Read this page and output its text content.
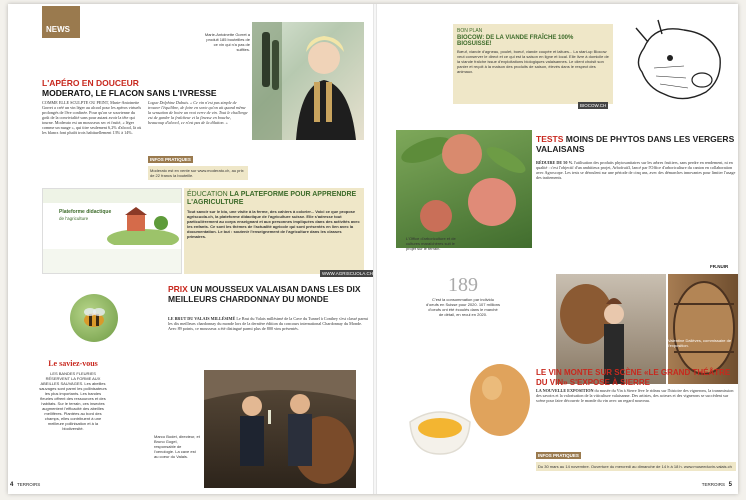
NEWS
Marie-Antoinette Gorret a produit 185 bouteilles de ce vin qui n'a pas de sulfites.
L'APÉRO EN DOUCEUR
MODERATO, LE FLACON SANS L'IVRESSE
COMME ELLE SCULPTE OU PEINT, Marie-Antoinette Gorret a créé un vin léger au alcool pour les apéros virtuels prolongés de l'ère confinée. Pour qu'on se souvienne du goût de la convivialité sans pour autant avoir la tête qui tourne. Moderato est un mousseux sec et fruité, « léger comme un nuage », qui titre seulement 6,2% d'alcool, là où les blancs font plutôt trois habituellement 13% à 14%.
Logue Delphine Dubuis. « Ce vin n'est pas simple de trouver l'équilibre, de faire en sorte qu'on ait quand même la sensation de boire un vrai verre de vin. Tout le challenge est de garder la fraîcheur et la finesse en bouche, beaucoup d'alcool, ce n'est pas de la dilution. »
INFOS PRATIQUES
Moderato est en vente sur www.moderato.ch, au prix de 22 francs la bouteille.
Plateforme didactique
de l'agriculture
ÉDUCATION LA PLATEFORME POUR APPRENDRE L'AGRICULTURE
Tout savoir sur le bio, une visite à la ferme, des cahiers à colorier... Voici ce que propose agriscuola.ch, la plateforme didactique de l'agriculture suisse. Elle s'adresse tout particulièrement au corps enseignant et aux personnes impliquées dans des activités avec les enfants. Ce sont les thèmes de l'actualité agricole qui sont présentés en lien avec la documentation. Le but : soutenir l'enseignement de l'agriculture dans les classes primaires.
WWW.AGRISCUOLA.CH
Le saviez-vous
LES BANDES FLEURIES RÉSERVENT LA FORME AUX ABEILLES SAUVAGES. Les abeilles sauvages sont parmi les pollinisateurs les plus importants. Les bandes fleuries offrent des ressources et des habitats. Sur le terrain, ces insectes augmentent l'efficacité des abeilles mellifères. Plantées au bord des champs, elles contribuent à une meilleure pollinisation et à la biodiversité.
PRIX UN MOUSSEUX VALAISAN DANS LES DIX MEILLEURS CHARDONNAY DU MONDE
LE BRUT DU VALAIS MILLÉSIMÉ Le Brut du Valais millésimé de la Cave du Tunnel à Conthey s'est classé parmi les dix meilleurs chardonnay du monde lors de la dernière édition du concours international Chardonnay du Monde. Avec 89 points, ce mousseux a été distingué parmi plus de 800 vins présentés.
Marco Bodet, directeur, et Bruno Gogel, responsable de l'oenologie. La cave est au coeur du Valais.
4 TERROIRS
BON PLAN
BIOCOW: DE LA VIANDE FRAÎCHE 100% BIOSUISSE!
Bœuf, viande d'agneau, poulet, boeuf, viande coupée et laitues... La start-up Biocow veut conserver le direct et ce qui est la saison en ligne et local. Elle livre à domicile de la viande fraîche issue d'exploitations biologiques valaisannes. Le client choisit son panier et reçoit à la maison des produits de saison, élevés dans le respect des animaux.
BIOCOW.CH
L'Office d'arboriculture et de cultures maraîchères suit le projet sur le terrain.
TESTS MOINS DE PHYTOS DANS LES VERGERS VALAISANS
RÉDUIRE DE 50 % l'utilisation des produits phytosanitaires sur les arbres fruitiers, sans perdre en rendement, ni en qualité : c'est l'objectif d'un ambitieux projet, Arbofruit3, lancé par l'Office d'arboriculture du canton en collaboration avec Agroscope. Les tests se déroulent sur une période de cinq ans, avec des démarches innovantes pour limiter l'usage des traitements.
FR.NUIR
189
C'est la consommation par individu d'oeufs en Suisse pour 2020. 107 millions d'oeufs ont été écoulés dans le marché de détail, en recul en 2020.
Valentine Dallèves, commissaire de l'exposition.
LE VIN MONTE SUR SCÈNE «LE GRAND THÉÂTRE DU VIN» S'EXPOSE À SIERRE
LA NOUVELLE EXPOSITION du musée du Vin à Sierre lève le rideau sur l'histoire des vignerons, la transmission des savoirs et la valorisation de la viticulture valaisanne. Des artistes, des acteurs et des vignerons se succèdent sur scène pour faire découvrir le monde du vin avec un regard nouveau.
INFOS PRATIQUES
Du 30 mars au 14 novembre. Ouverture du mercredi au dimanche de 14 h à 18 h. www.museeduvin-valais.ch
TERROIRS 5
